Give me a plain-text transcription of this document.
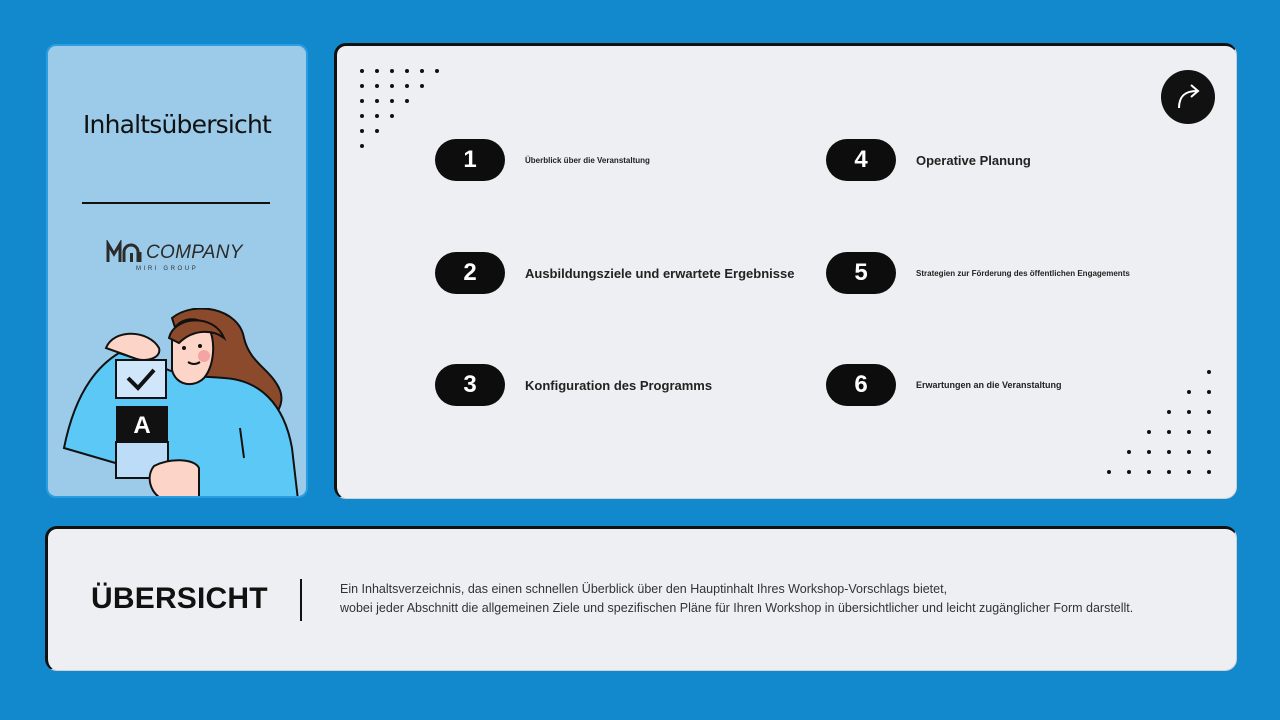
Inhaltsübersicht
COMPANY
MIRI GROUP
A
1	Überblick über die Veranstaltung
2	Ausbildungsziele und erwartete Ergebnisse
3	Konfiguration des Programms
4	Operative Planung
5	Strategien zur Förderung des öffentlichen Engagements
6	Erwartungen an die Veranstaltung
ÜBERSICHT	Ein Inhaltsverzeichnis, das einen schnellen Überblick über den Hauptinhalt Ihres Workshop-Vorschlags bietet,
wobei jeder Abschnitt die allgemeinen Ziele und spezifischen Pläne für Ihren Workshop in übersichtlicher und leicht zugänglicher Form darstellt.
